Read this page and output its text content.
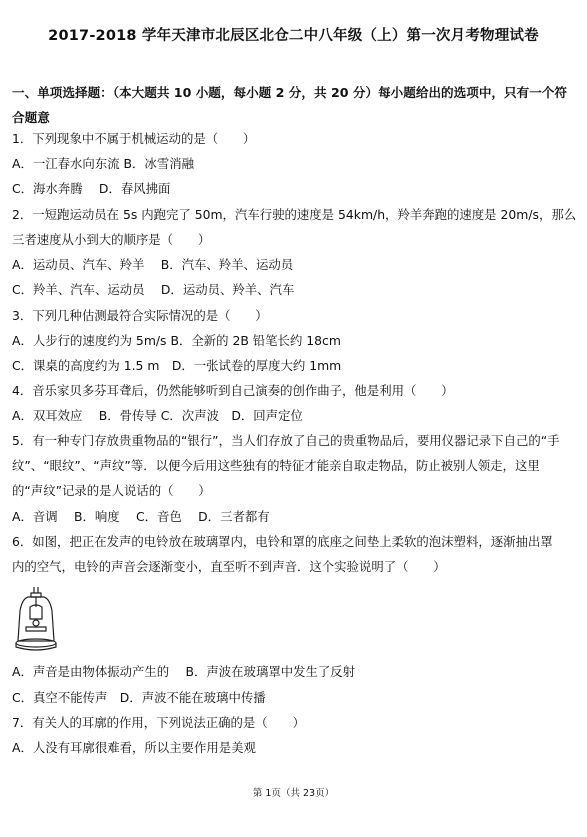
2017-2018 学年天津市北辰区北仓二中八年级（上）第一次月考物理试卷
一、单项选择题：（本大题共 10 小题，每小题 2 分，共 20 分）每小题给出的选项中，只有一个符合题意
1．下列现象中不属于机械运动的是（　　）
A．一江春水向东流 B．冰雪消融
C．海水奔腾　 D．春风拂面
2．一短跑运动员在 5s 内跑完了 50m，汽车行驶的速度是 54km/h，羚羊奔跑的速度是 20m/s，那么
三者速度从小到大的顺序是（　　）
A．运动员、汽车、羚羊　 B．汽车、羚羊、运动员
C．羚羊、汽车、运动员　 D．运动员、羚羊、汽车
3．下列几种估测最符合实际情况的是（　　）
A．人步行的速度约为 5m/s B．全新的 2B 铅笔长约 18cm
C．课桌的高度约为 1.5 m　D．一张试卷的厚度大约 1mm
4．音乐家贝多芬耳聋后，仍然能够听到自己演奏的创作曲子，他是利用（　　）
A．双耳效应　 B．骨传导 C．次声波　D．回声定位
5．有一种专门存放贵重物品的“银行”，当人们存放了自己的贵重物品后，要用仪器记录下自己的“手
纹”、“眼纹”、“声纹”等．以便今后用这些独有的特征才能亲自取走物品，防止被别人领走，这里
的“声纹”记录的是人说话的（　　）
A．音调　 B．响度　 C．音色　 D．三者都有
6．如图，把正在发声的电铃放在玻璃罩内，电铃和罩的底座之间垫上柔软的泡沫塑料，逐渐抽出罩
内的空气，电铃的声音会逐渐变小，直至听不到声音．这个实验说明了（　　）
A．声音是由物体振动产生的　 B．声波在玻璃罩中发生了反射
C．真空不能传声　D．声波不能在玻璃中传播
7．有关人的耳廓的作用，下列说法正确的是（　　）
A．人没有耳廓很难看，所以主要作用是美观
第 1页（共 23页）
